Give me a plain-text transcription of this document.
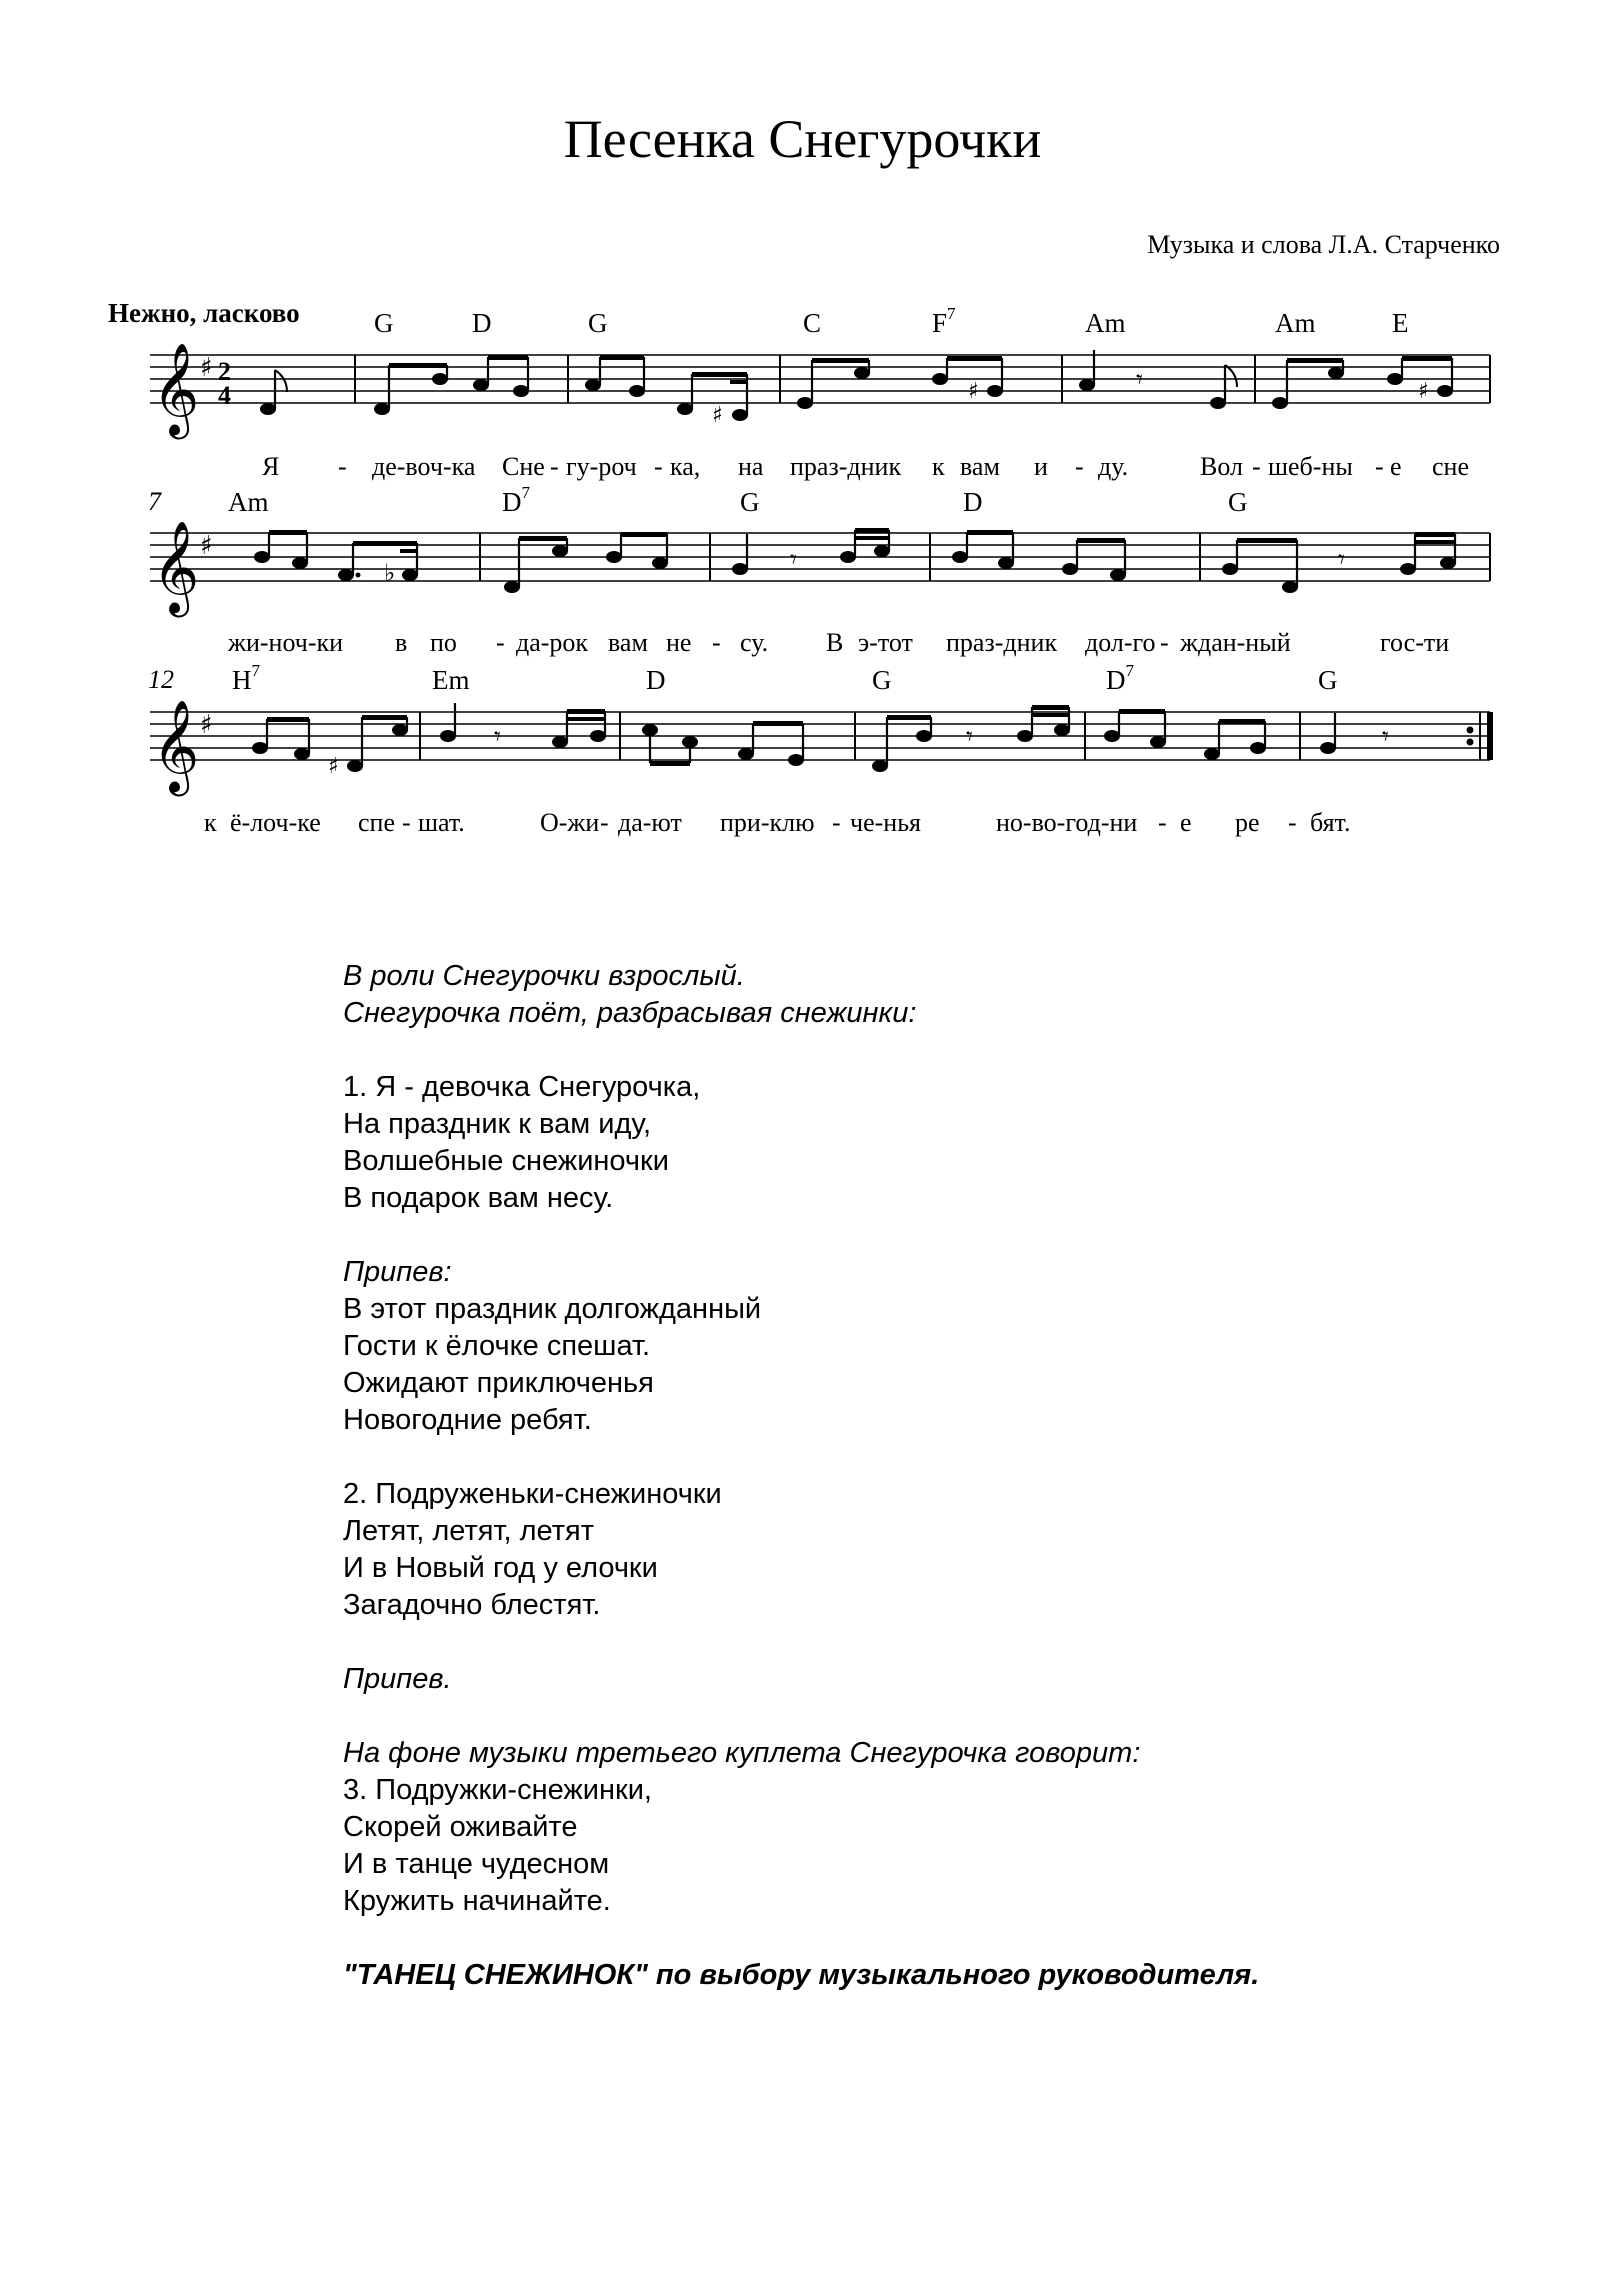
Песенка Снегурочки
Музыка и слова Л.А. Старченко
Нежно, ласково	G	D	G	C	$F^7$	Am	Am	E
𝄞 ♯ 2
4
♯
♯	𝄾	♯
Я - де-воч-ка Сне - гу-роч - ка, на праз-дник к вам и - ду.	Вол - шеб-ны - е сне
7 Am	$D^7$	G	D	G
𝄞 ♯
♭	𝄾	𝄾
жи-ноч-ки в по - да-рок вам не - су. В э-тот праз-дник дол-го - ждан-ный	гос-ти
12 $H^7$	Em	D	G	$D^7$	G
𝄞 ♯
♯
𝄾	𝄾	𝄾
к ё-лоч-ке спе - шат.	О-жи - да-ют при-клю - че-нья	но-во-год-ни - е ре - бят.
В роли Снегурочки взрослый.
Снегурочка поёт, разбрасывая снежинки:
1. Я - девочка Снегурочка,
На праздник к вам иду,
Волшебные снежиночки
В подарок вам несу.
Припев:
В этот праздник долгожданный
Гости к ёлочке спешат.
Ожидают приключенья
Новогодние ребят.
2. Подруженьки-снежиночки
Летят, летят, летят
И в Новый год у елочки
Загадочно блестят.
Припев.
На фоне музыки третьего куплета Снегурочка говорит:
3. Подружки-снежинки,
Скорей оживайте
И в танце чудесном
Кружить начинайте.
"ТАНЕЦ СНЕЖИНОК" по выбору музыкального руководителя.
